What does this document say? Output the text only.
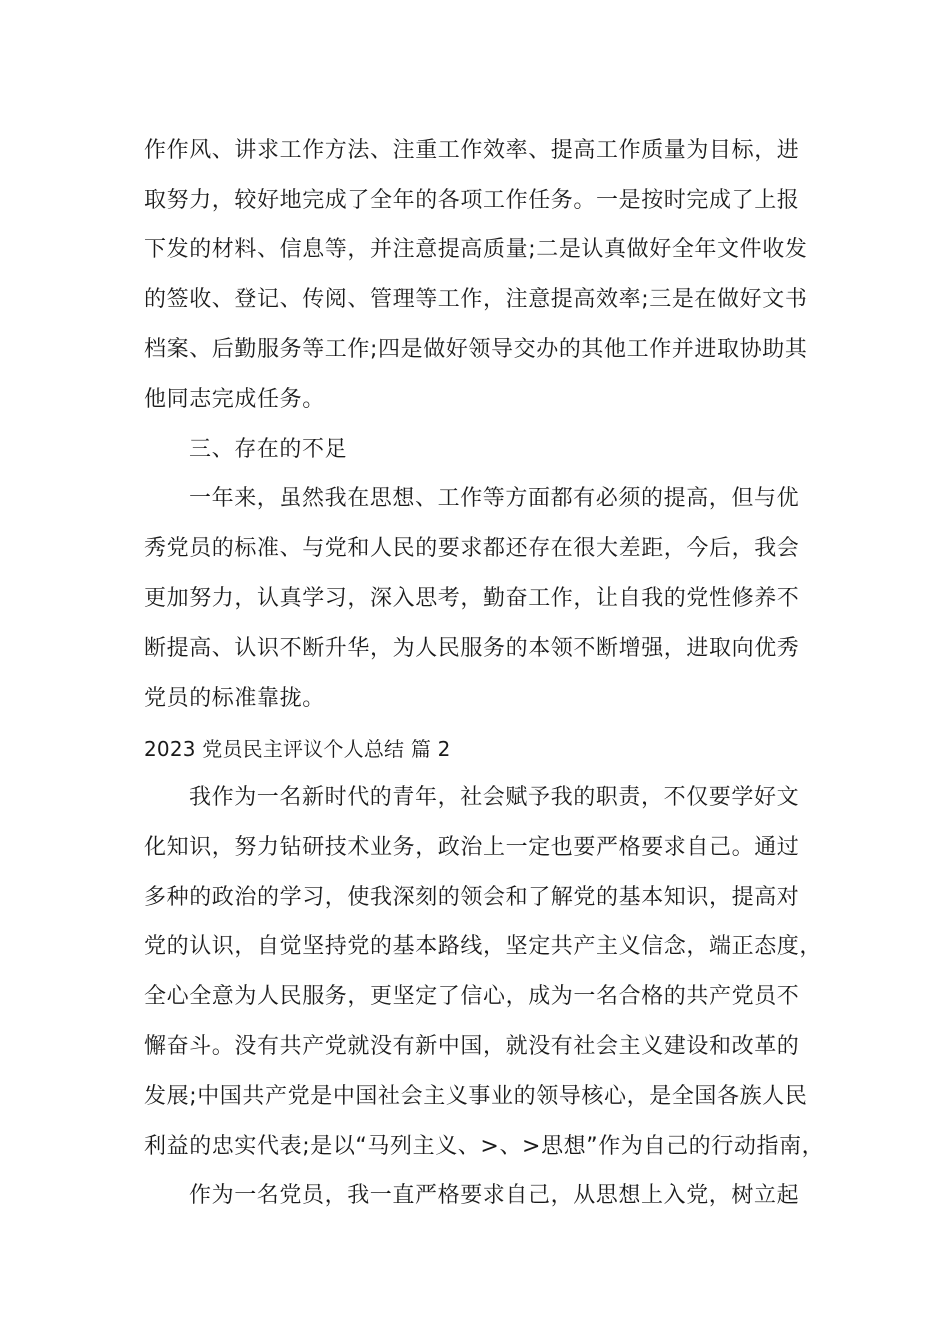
作作风、讲求工作方法、注重工作效率、提高工作质量为目标，进
取努力，较好地完成了全年的各项工作任务。一是按时完成了上报
下发的材料、信息等，并注意提高质量;二是认真做好全年文件收发
的签收、登记、传阅、管理等工作，注意提高效率;三是在做好文书
档案、后勤服务等工作;四是做好领导交办的其他工作并进取协助其
他同志完成任务。
三、存在的不足
一年来，虽然我在思想、工作等方面都有必须的提高，但与优
秀党员的标准、与党和人民的要求都还存在很大差距，今后，我会
更加努力，认真学习，深入思考，勤奋工作，让自我的党性修养不
断提高、认识不断升华，为人民服务的本领不断增强，进取向优秀
党员的标准靠拢。
2023 党员民主评议个人总结 篇 2
我作为一名新时代的青年，社会赋予我的职责，不仅要学好文
化知识，努力钻研技术业务，政治上一定也要严格要求自己。通过
多种的政治的学习，使我深刻的领会和了解党的基本知识，提高对
党的认识，自觉坚持党的基本路线，坚定共产主义信念，端正态度，
全心全意为人民服务，更坚定了信心，成为一名合格的共产党员不
懈奋斗。没有共产党就没有新中国，就没有社会主义建设和改革的
发展;中国共产党是中国社会主义事业的领导核心，是全国各族人民
利益的忠实代表;是以“马列主义、>、>思想”作为自己的行动指南，
作为一名党员，我一直严格要求自己，从思想上入党，树立起
